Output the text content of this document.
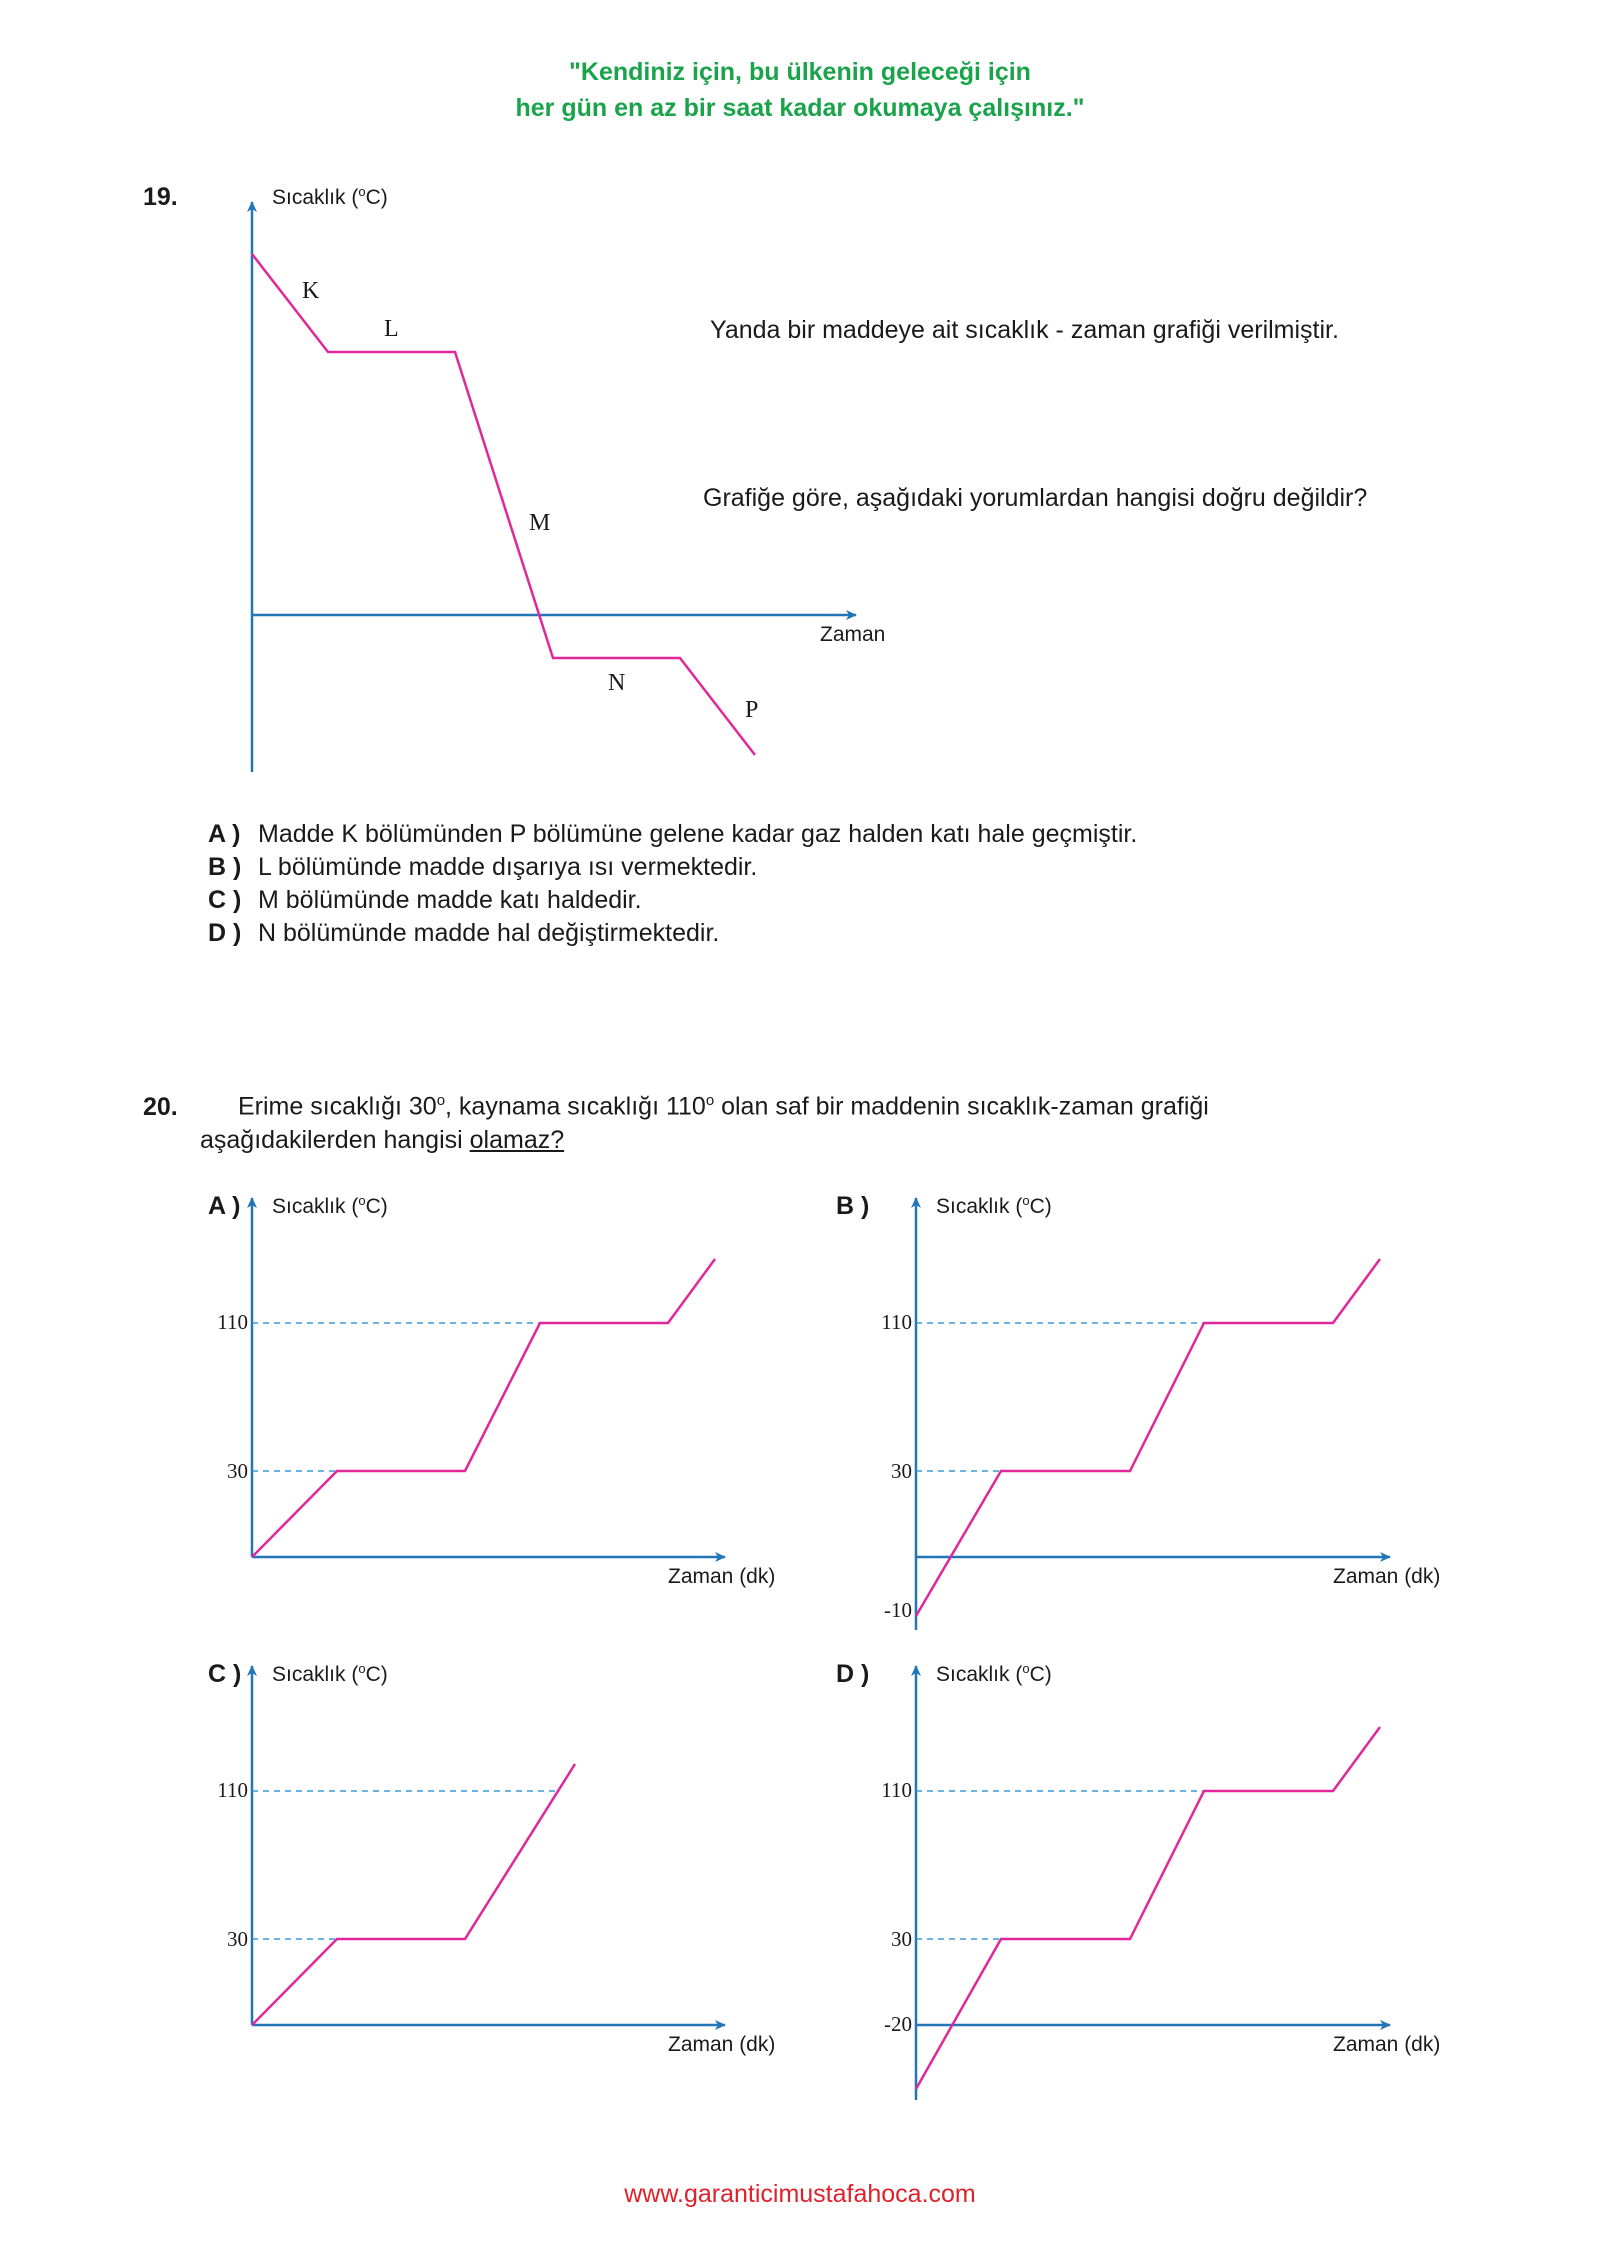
"Kendiniz için, bu ülkenin geleceği için
her gün en az bir saat kadar okumaya çalışınız."
19.	Sıcaklık ($^o$C)
Zaman
K
L
M
N
P
Yanda bir maddeye ait sıcaklık - zaman grafiği verilmiştir.
Grafiğe göre, aşağıdaki yorumlardan hangisi doğru değildir?
A ) Madde K bölümünden P bölümüne gelene kadar gaz halden katı hale geçmiştir.
B ) L bölümünde madde dışarıya ısı vermektedir.
C ) M bölümünde madde katı haldedir.
D ) N bölümünde madde hal değiştirmektedir.
20. Erime sıcaklığı 30$^o$, kaynama sıcaklığı 110$^o$ olan saf bir maddenin sıcaklık-zaman grafiği
aşağıdakilerden hangisi olamaz?
A )	B )
C )	D )
Sıcaklık ($^o$C)	Sıcaklık ($^o$C)
Sıcaklık ($^o$C)	Sıcaklık ($^o$C)
Zaman (dk)	Zaman (dk)
Zaman (dk)	Zaman (dk)
110
30
110
30
-10
110
30
110
30
-20
www.garanticimustafahoca.com
